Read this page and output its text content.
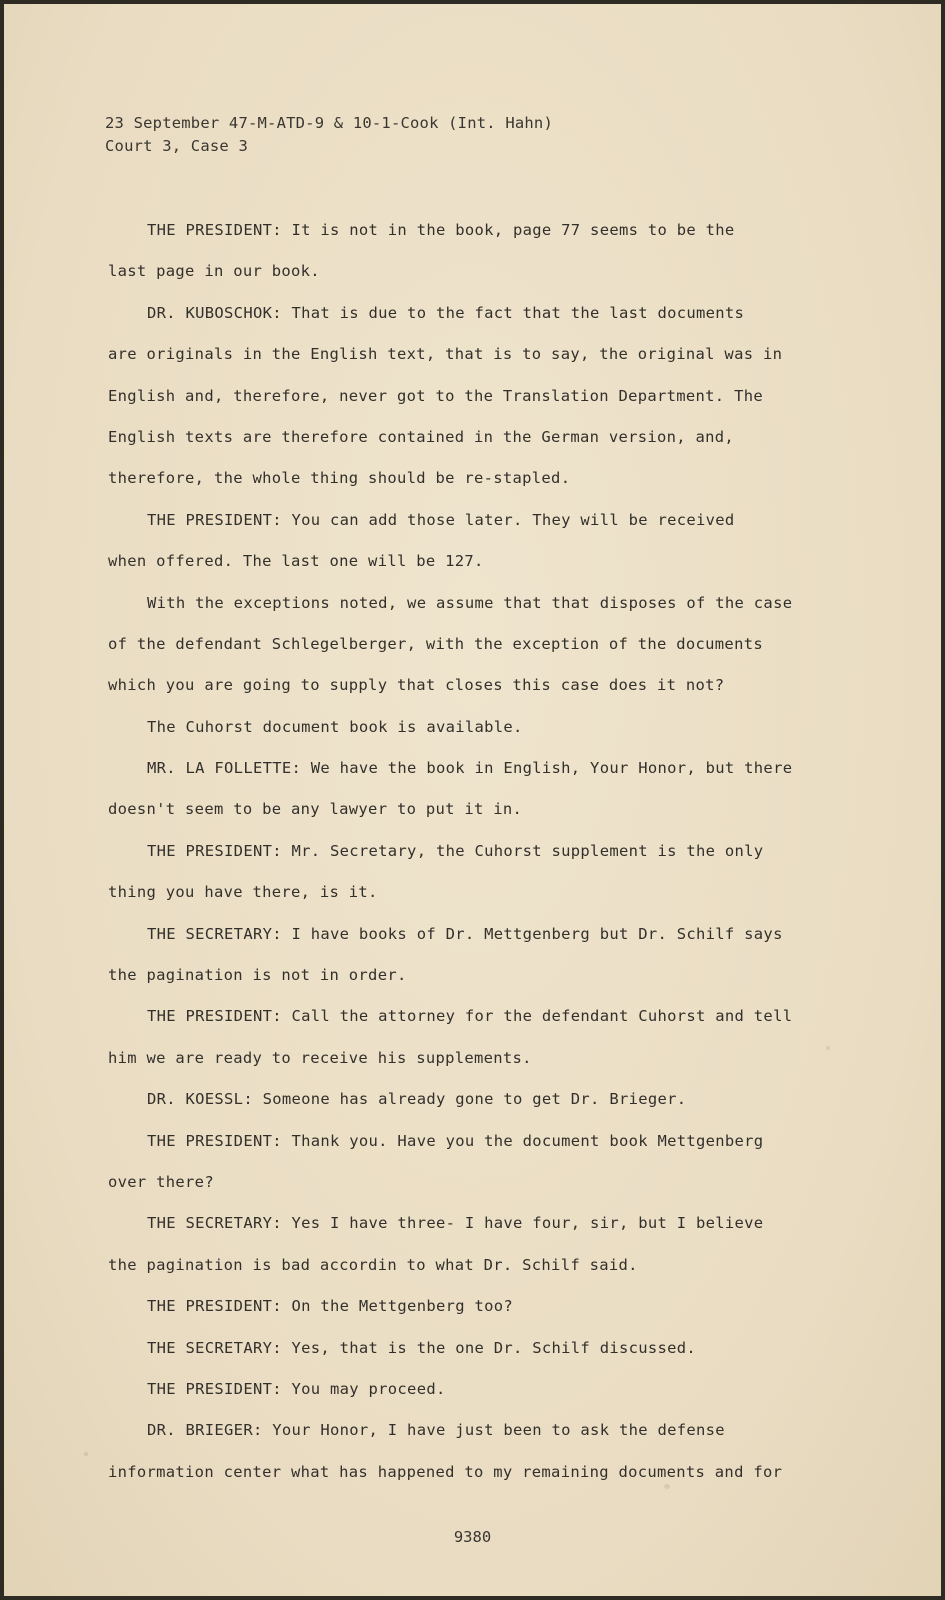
23 September 47-M-ATD-9 & 10-1-Cook (Int. Hahn)
Court 3, Case 3
THE PRESIDENT: It is not in the book, page 77 seems to be the
last page in our book.
DR. KUBOSCHOK: That is due to the fact that the last documents
are originals in the English text, that is to say, the original was in
English and, therefore, never got to the Translation Department. The
English texts are therefore contained in the German version, and,
therefore, the whole thing should be re-stapled.
THE PRESIDENT: You can add those later. They will be received
when offered. The last one will be 127.
With the exceptions noted, we assume that that disposes of the case
of the defendant Schlegelberger, with the exception of the documents
which you are going to supply that closes this case does it not?
The Cuhorst document book is available.
MR. LA FOLLETTE: We have the book in English, Your Honor, but there
doesn't seem to be any lawyer to put it in.
THE PRESIDENT: Mr. Secretary, the Cuhorst supplement is the only
thing you have there, is it.
THE SECRETARY: I have books of Dr. Mettgenberg but Dr. Schilf says
the pagination is not in order.
THE PRESIDENT: Call the attorney for the defendant Cuhorst and tell
him we are ready to receive his supplements.
DR. KOESSL: Someone has already gone to get Dr. Brieger.
THE PRESIDENT: Thank you. Have you the document book Mettgenberg
over there?
THE SECRETARY: Yes I have three- I have four, sir, but I believe
the pagination is bad accordin to what Dr. Schilf said.
THE PRESIDENT: On the Mettgenberg too?
THE SECRETARY: Yes, that is the one Dr. Schilf discussed.
THE PRESIDENT: You may proceed.
DR. BRIEGER: Your Honor, I have just been to ask the defense
information center what has happened to my remaining documents and for
9380
